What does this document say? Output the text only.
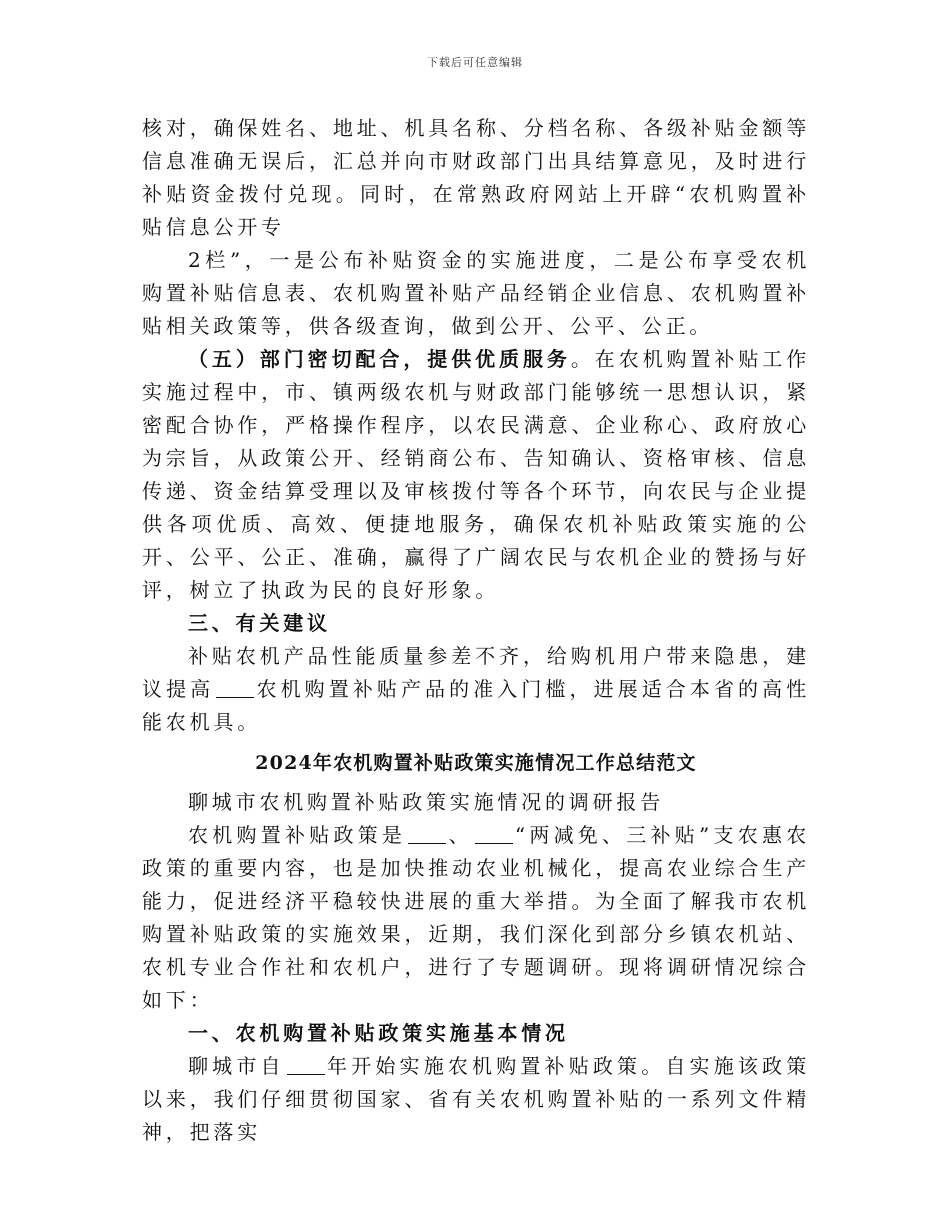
下载后可任意编辑

核对，确保姓名、地址、机具名称、分档名称、各级补贴金额等信息准确无误后，汇总并向市财政部门出具结算意见，及时进行补贴资金拨付兑现。同时，在常熟政府网站上开辟“农机购置补贴信息公开专

2栏”，一是公布补贴资金的实施进度，二是公布享受农机购置补贴信息表、农机购置补贴产品经销企业信息、农机购置补贴相关政策等，供各级查询，做到公开、公平、公正。

（五）部门密切配合，提供优质服务。在农机购置补贴工作实施过程中，市、镇两级农机与财政部门能够统一思想认识，紧密配合协作，严格操作程序，以农民满意、企业称心、政府放心为宗旨，从政策公开、经销商公布、告知确认、资格审核、信息传递、资金结算受理以及审核拨付等各个环节，向农民与企业提供各项优质、高效、便捷地服务，确保农机补贴政策实施的公开、公平、公正、准确，赢得了广阔农民与农机企业的赞扬与好评，树立了执政为民的良好形象。

三、有关建议

补贴农机产品性能质量参差不齐，给购机用户带来隐患，建议提高 农机购置补贴产品的准入门槛，进展适合本省的高性能农机具。

2024年农机购置补贴政策实施情况工作总结范文

聊城市农机购置补贴政策实施情况的调研报告

农机购置补贴政策是 、 “两减免、三补贴”支农惠农政策的重要内容，也是加快推动农业机械化，提高农业综合生产能力，促进经济平稳较快进展的重大举措。为全面了解我市农机购置补贴政策的实施效果，近期，我们深化到部分乡镇农机站、农机专业合作社和农机户，进行了专题调研。现将调研情况综合如下：

一、农机购置补贴政策实施基本情况

聊城市自 年开始实施农机购置补贴政策。自实施该政策以来，我们仔细贯彻国家、省有关农机购置补贴的一系列文件精神，把落实
